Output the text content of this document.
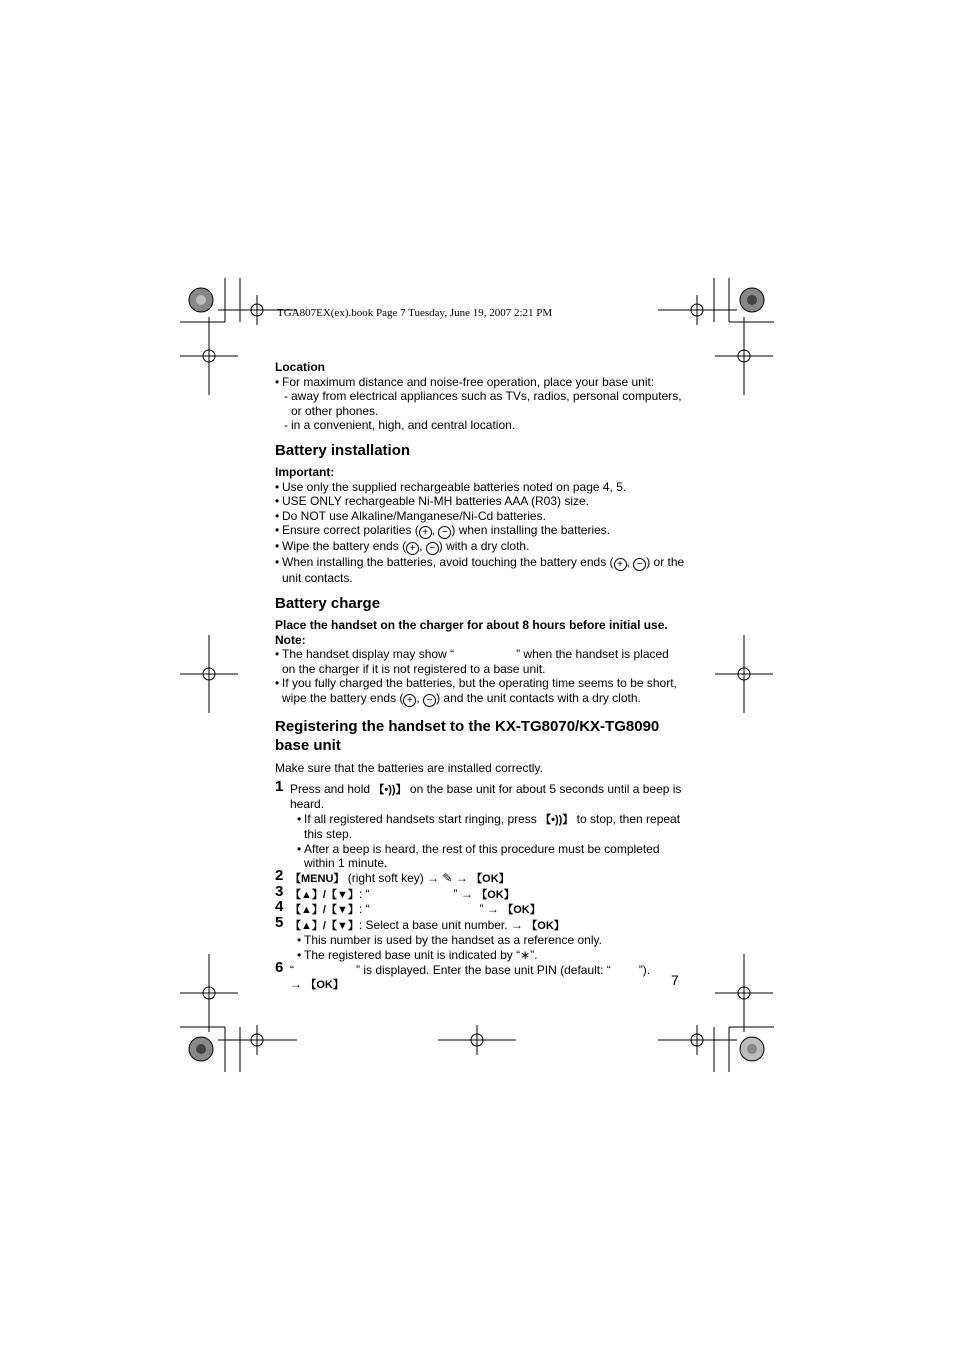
TGA807EX(ex).book Page 7 Tuesday, June 19, 2007 2:21 PM
Location
• For maximum distance and noise-free operation, place your base unit:
- away from electrical appliances such as TVs, radios, personal computers, or other phones.
- in a convenient, high, and central location.
Battery installation
Important:
• Use only the supplied rechargeable batteries noted on page 4, 5.
• USE ONLY rechargeable Ni-MH batteries AAA (R03) size.
• Do NOT use Alkaline/Manganese/Ni-Cd batteries.
• Ensure correct polarities ( + , − ) when installing the batteries.
• Wipe the battery ends ( + , − ) with a dry cloth.
• When installing the batteries, avoid touching the battery ends ( + , − ) or the unit contacts.
Battery charge
Place the handset on the charger for about 8 hours before initial use.
Note:
• The handset display may show “	” when the handset is placed on the charger if it is not registered to a base unit.
• If you fully charged the batteries, but the operating time seems to be short, wipe the battery ends ( + , − ) and the unit contacts with a dry cloth.
Registering the handset to the KX-TG8070/KX-TG8090 base unit
Make sure that the batteries are installed correctly.
1 Press and hold 【•))】 on the base unit for about 5 seconds until a beep is heard.
• If all registered handsets start ringing, press 【•))】 to stop, then repeat this step.
• After a beep is heard, the rest of this procedure must be completed within 1 minute.
2 【MENU】 (right soft key) → ✎ → 【OK】
3 【▲】/【▼】: “	” → 【OK】
4 【▲】/【▼】: “	” → 【OK】
5 【▲】/【▼】: Select a base unit number. → 【OK】
• This number is used by the handset as a reference only.
• The registered base unit is indicated by “∗”.
6 “	” is displayed. Enter the base unit PIN (default: “ ”).
→ 【OK】	7
